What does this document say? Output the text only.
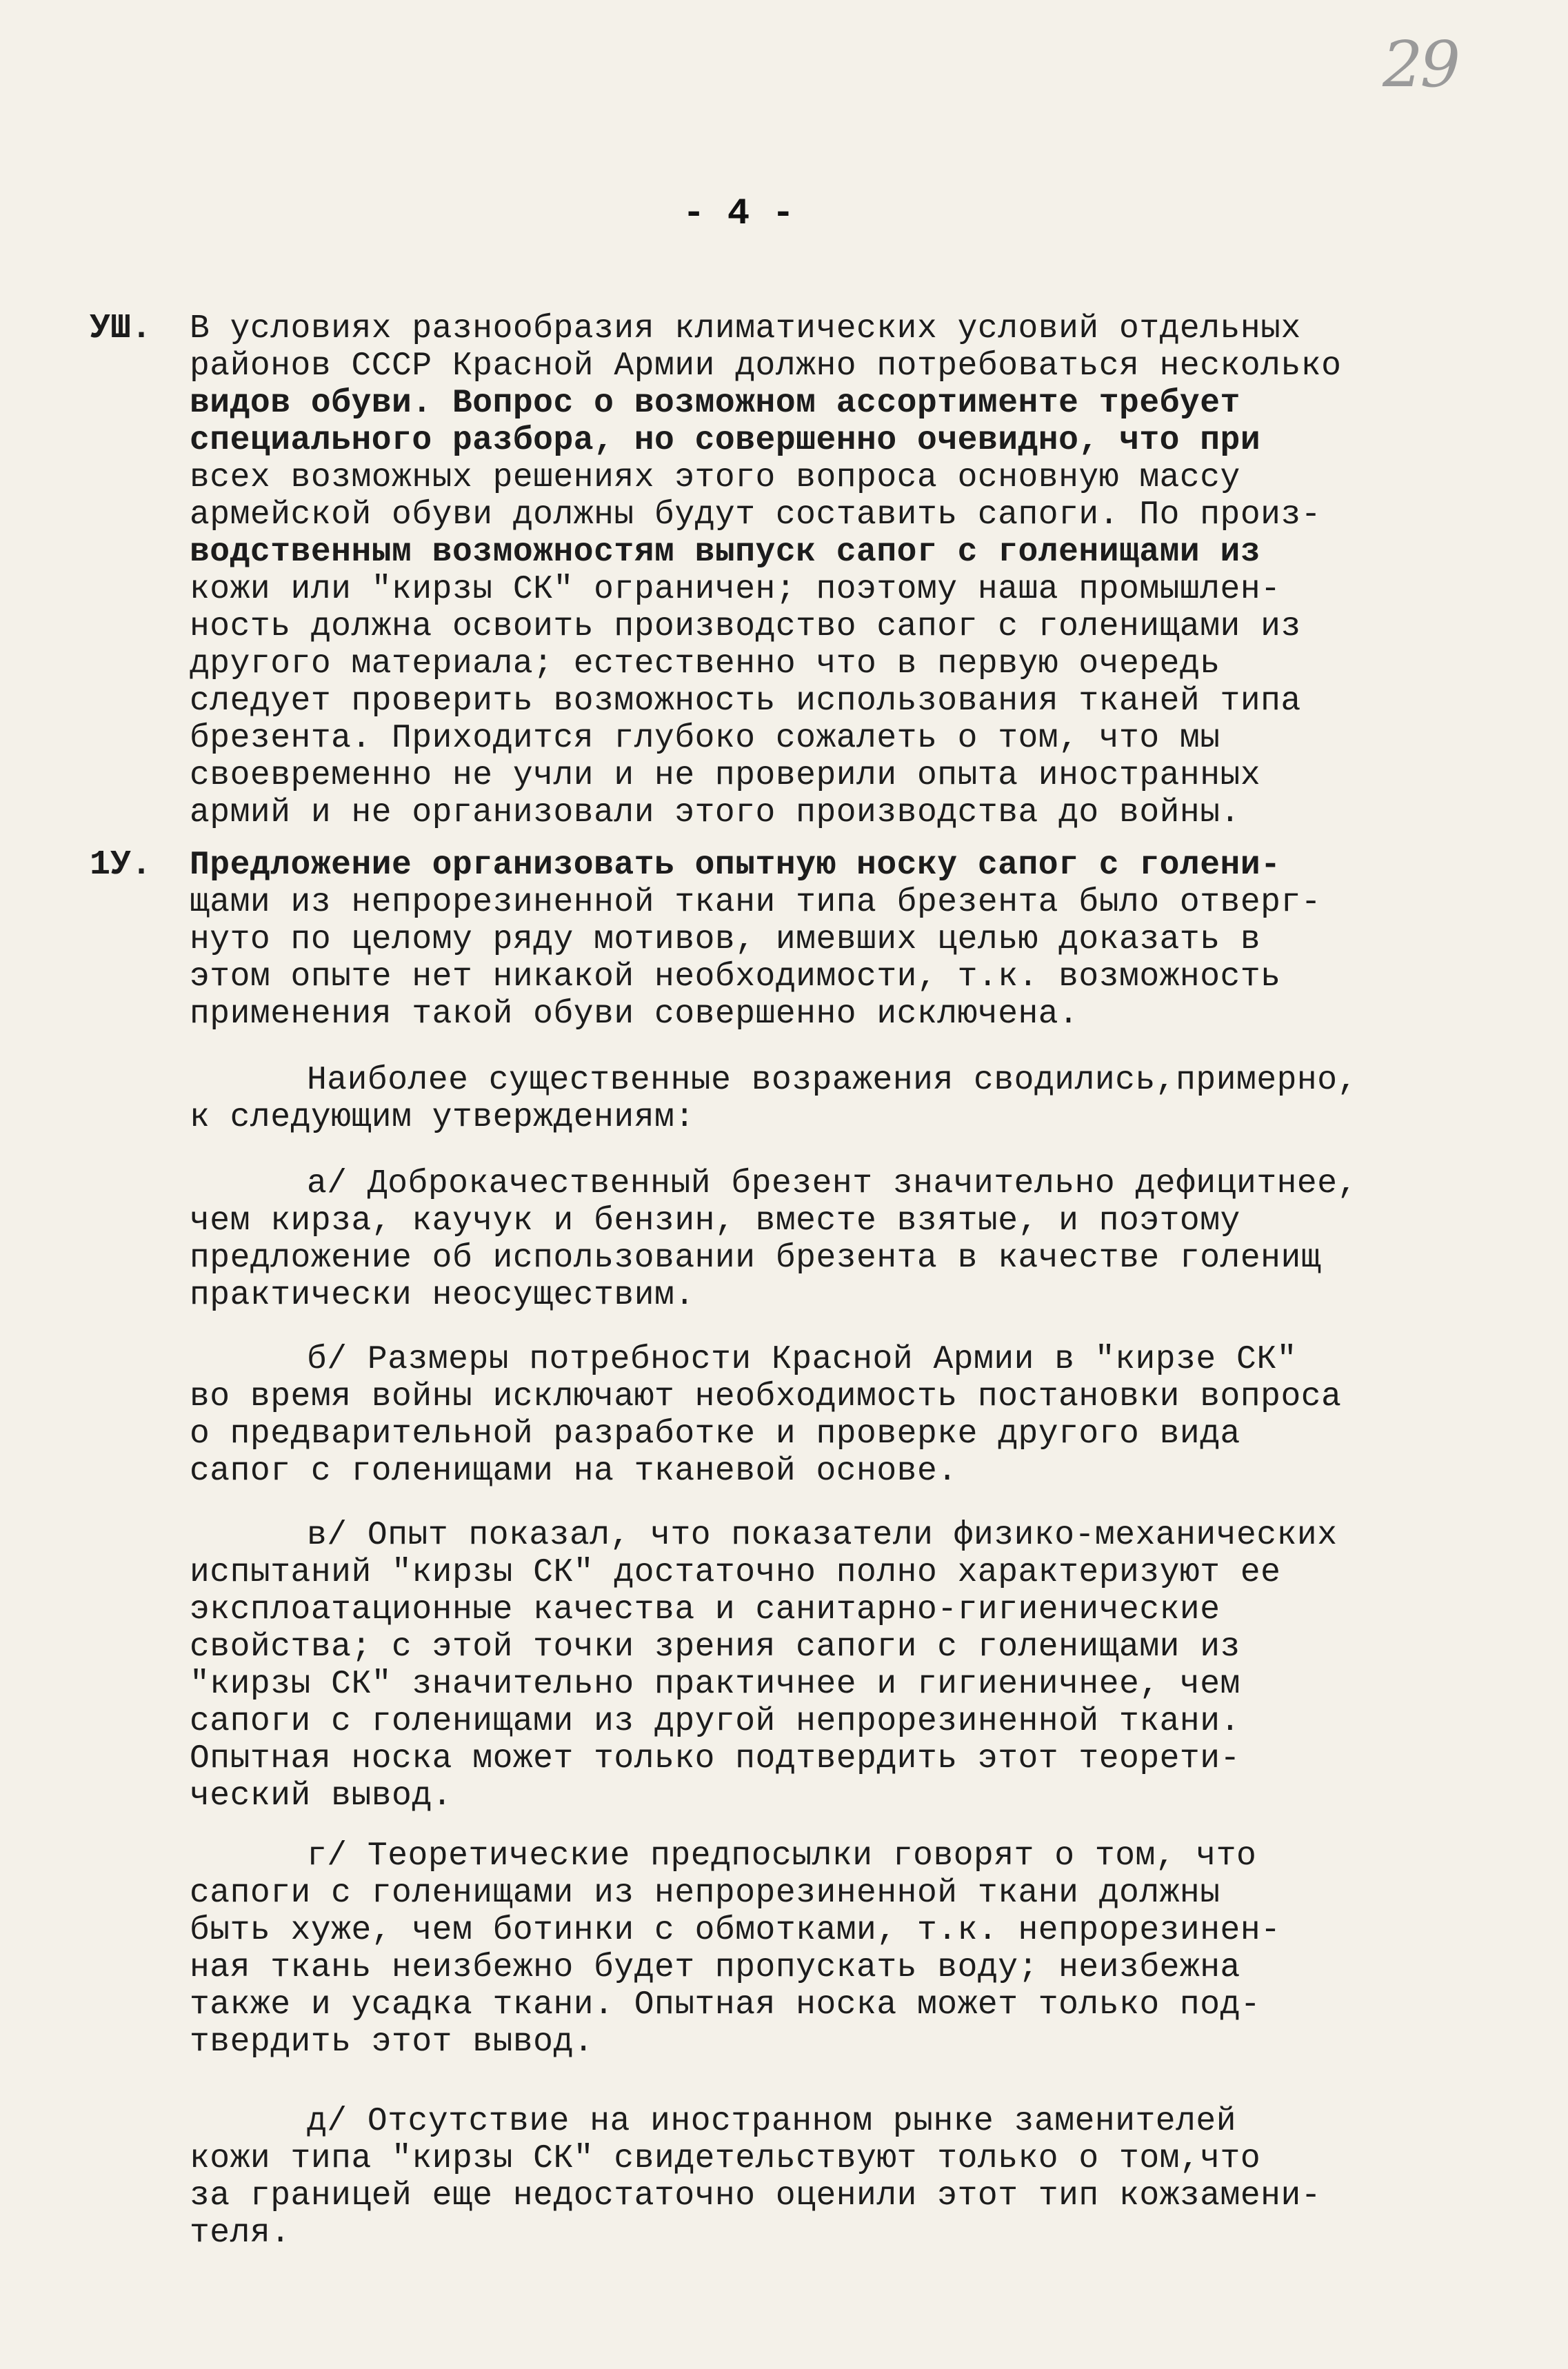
29
- 4 -
УШ. В условиях разнообразия климатических условий отдельных
районов СССР Красной Армии должно потребоваться несколько
видов обуви. Вопрос о возможном ассортименте требует
специального разбора, но совершенно очевидно, что при
всех возможных решениях этого вопроса основную массу
армейской обуви должны будут составить сапоги. По произ-
водственным возможностям выпуск сапог с голенищами из
кожи или "кирзы СК" ограничен; поэтому наша промышлен-
ность должна освоить производство сапог с голенищами из
другого материала; естественно что в первую очередь
следует проверить возможность использования тканей типа
брезента. Приходится глубоко сожалеть о том, что мы
своевременно не учли и не проверили опыта иностранных
армий и не организовали этого производства до войны.
1У. Предложение организовать опытную носку сапог с голени-
щами из непрорезиненной ткани типа брезента было отверг-
нуто по целому ряду мотивов, имевших целью доказать в
этом опыте нет никакой необходимости, т.к. возможность
применения такой обуви совершенно исключена.
Наиболее существенные возражения сводились,примерно,
к следующим утверждениям:
а/ Доброкачественный брезент значительно дефицитнее,
чем кирза, каучук и бензин, вместе взятые, и поэтому
предложение об использовании брезента в качестве голенищ
практически неосуществим.
б/ Размеры потребности Красной Армии в "кирзе СК"
во время войны исключают необходимость постановки вопроса
о предварительной разработке и проверке другого вида
сапог с голенищами на тканевой основе.
в/ Опыт показал, что показатели физико-механических
испытаний "кирзы СК" достаточно полно характеризуют ее
эксплоатационные качества и санитарно-гигиенические
свойства; с этой точки зрения сапоги с голенищами из
"кирзы СК" значительно практичнее и гигиеничнее, чем
сапоги с голенищами из другой непрорезиненной ткани.
Опытная носка может только подтвердить этот теорети-
ческий вывод.
г/ Теоретические предпосылки говорят о том, что
сапоги с голенищами из непрорезиненной ткани должны
быть хуже, чем ботинки с обмотками, т.к. непрорезинен-
ная ткань неизбежно будет пропускать воду; неизбежна
также и усадка ткани. Опытная носка может только под-
твердить этот вывод.
д/ Отсутствие на иностранном рынке заменителей
кожи типа "кирзы СК" свидетельствуют только о том,что
за границей еще недостаточно оценили этот тип кожзамени-
теля.
